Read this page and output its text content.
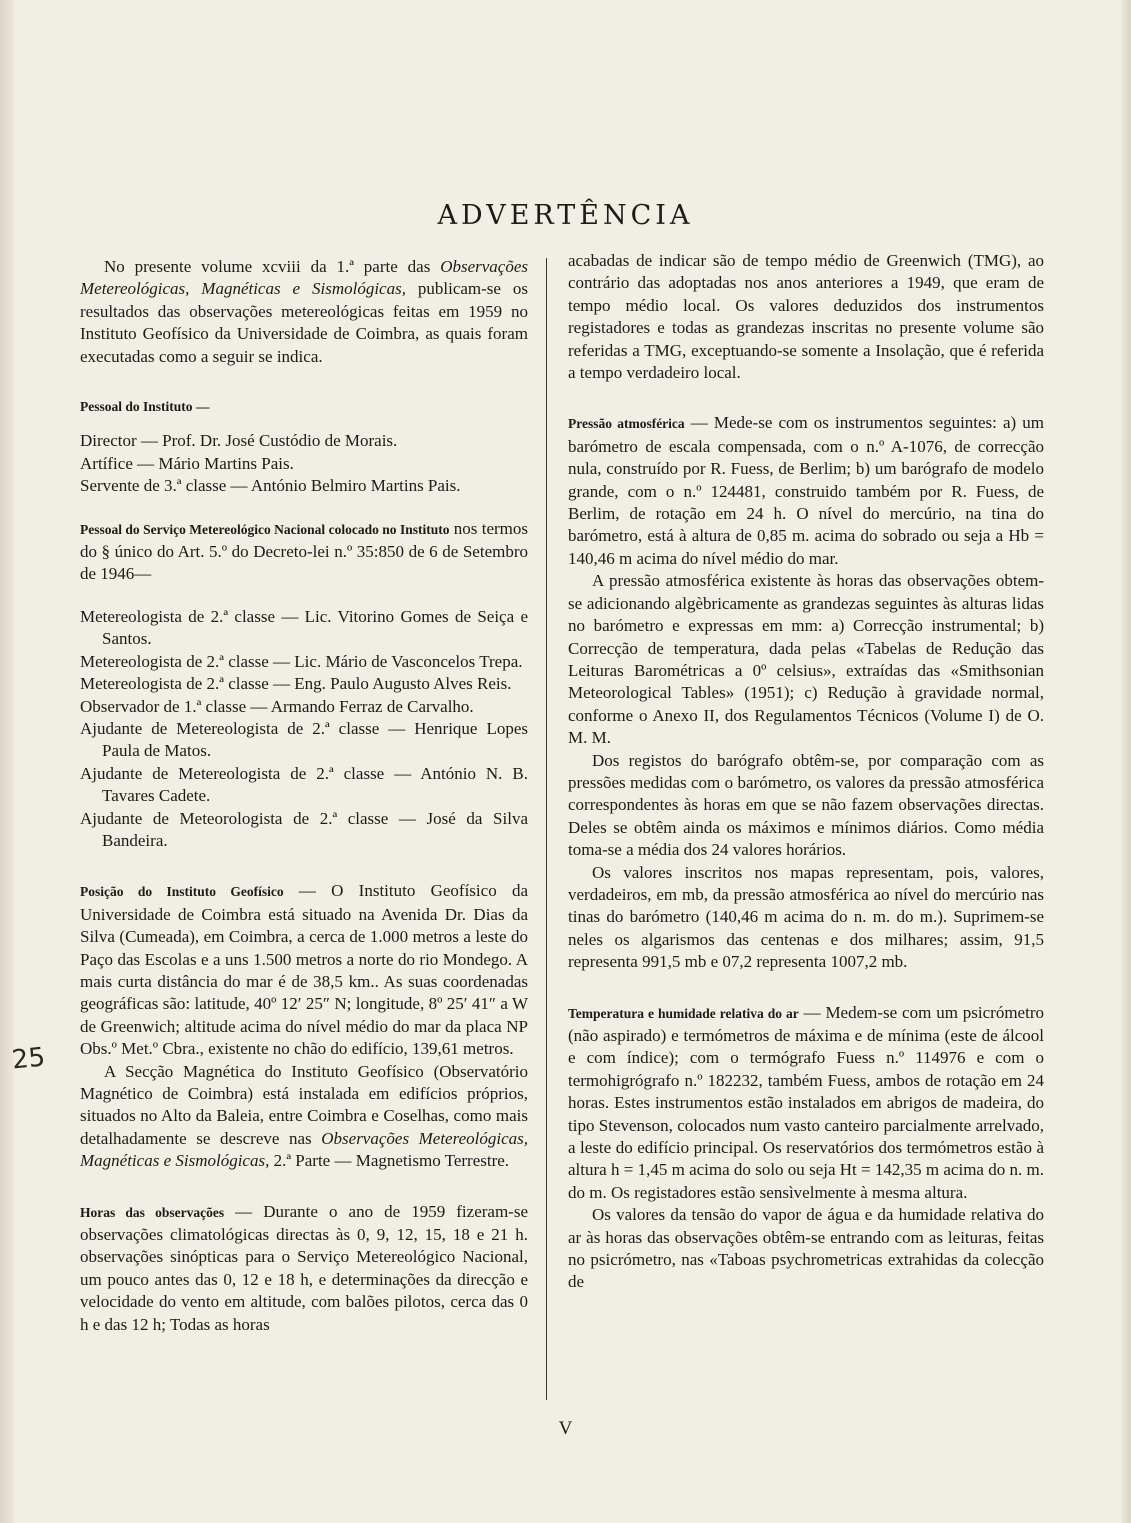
ADVERTÊNCIA
25

No presente volume xcviii da 1.ª parte das Observações Metereológicas, Magnéticas e Sismológicas, publicam-se os resultados das observações metereológicas feitas em 1959 no Instituto Geofísico da Universidade de Coimbra, as quais foram executadas como a seguir se indica.

Pessoal do Instituto —

Director — Prof. Dr. José Custódio de Morais.

Artífice — Mário Martins Pais.

Servente de 3.ª classe — António Belmiro Martins Pais.

Pessoal do Serviço Metereológico Nacional colocado no Instituto nos termos do § único do Art. 5.º do Decreto-lei n.º 35:850 de 6 de Setembro de 1946—

Metereologista de 2.ª classe — Lic. Vitorino Gomes de Seiça e Santos.

Metereologista de 2.ª classe — Lic. Mário de Vasconcelos Trepa.

Metereologista de 2.ª classe — Eng. Paulo Augusto Alves Reis.

Observador de 1.ª classe — Armando Ferraz de Carvalho.

Ajudante de Metereologista de 2.ª classe — Henrique Lopes Paula de Matos.

Ajudante de Metereologista de 2.ª classe — António N. B. Tavares Cadete.

Ajudante de Meteorologista de 2.ª classe — José da Silva Bandeira.

Posição do Instituto Geofísico — O Instituto Geofísico da Universidade de Coimbra está situado na Avenida Dr. Dias da Silva (Cumeada), em Coimbra, a cerca de 1.000 metros a leste do Paço das Escolas e a uns 1.500 metros a norte do rio Mondego. A mais curta distância do mar é de 38,5 km.. As suas coordenadas geográficas são: latitude, 40º 12′ 25″ N; longitude, 8º 25′ 41″ a W de Greenwich; altitude acima do nível médio do mar da placa NP Obs.º Met.º Cbra., existente no chão do edifício, 139,61 metros.

A Secção Magnética do Instituto Geofísico (Observatório Magnético de Coimbra) está instalada em edifícios próprios, situados no Alto da Baleia, entre Coimbra e Coselhas, como mais detalhadamente se descreve nas Observações Metereológicas, Magnéticas e Sismológicas, 2.ª Parte — Magnetismo Terrestre.

Horas das observações — Durante o ano de 1959 fizeram-se observações climatológicas directas às 0, 9, 12, 15, 18 e 21 h. observações sinópticas para o Serviço Metereológico Nacional, um pouco antes das 0, 12 e 18 h, e determinações da direcção e velocidade do vento em altitude, com balões pilotos, cerca das 0 h e das 12 h; Todas as horas

acabadas de indicar são de tempo médio de Greenwich (TMG), ao contrário das adoptadas nos anos anteriores a 1949, que eram de tempo médio local. Os valores deduzidos dos instrumentos registadores e todas as grandezas inscritas no presente volume são referidas a TMG, exceptuando-se somente a Insolação, que é referida a tempo verdadeiro local.

Pressão atmosférica — Mede-se com os instrumentos seguintes: a) um barómetro de escala compensada, com o n.º A-1076, de correcção nula, construído por R. Fuess, de Berlim; b) um barógrafo de modelo grande, com o n.º 124481, construido também por R. Fuess, de Berlim, de rotação em 24 h. O nível do mercúrio, na tina do barómetro, está à altura de 0,85 m. acima do sobrado ou seja a Hb = 140,46 m acima do nível médio do mar.

A pressão atmosférica existente às horas das observações obtem-se adicionando algèbricamente as grandezas seguintes às alturas lidas no barómetro e expressas em mm: a) Correcção instrumental; b) Correcção de temperatura, dada pelas «Tabelas de Redução das Leituras Barométricas a 0º celsius», extraídas das «Smithsonian Meteorological Tables» (1951); c) Redução à gravidade normal, conforme o Anexo II, dos Regulamentos Técnicos (Volume I) de O. M. M.

Dos registos do barógrafo obtêm-se, por comparação com as pressões medidas com o barómetro, os valores da pressão atmosférica correspondentes às horas em que se não fazem observações directas. Deles se obtêm ainda os máximos e mínimos diários. Como média toma-se a média dos 24 valores horários.

Os valores inscritos nos mapas representam, pois, valores, verdadeiros, em mb, da pressão atmosférica ao nível do mercúrio nas tinas do barómetro (140,46 m acima do n. m. do m.). Suprimem-se neles os algarismos das centenas e dos milhares; assim, 91,5 representa 991,5 mb e 07,2 representa 1007,2 mb.

Temperatura e humidade relativa do ar — Medem-se com um psicrómetro (não aspirado) e termómetros de máxima e de mínima (este de álcool e com índice); com o termógrafo Fuess n.º 114976 e com o termohigrógrafo n.º 182232, também Fuess, ambos de rotação em 24 horas. Estes instrumentos estão instalados em abrigos de madeira, do tipo Stevenson, colocados num vasto canteiro parcialmente arrelvado, a leste do edifício principal. Os reservatórios dos termómetros estão à altura h = 1,45 m acima do solo ou seja Ht = 142,35 m acima do n. m. do m. Os registadores estão sensìvelmente à mesma altura.

Os valores da tensão do vapor de água e da humidade relativa do ar às horas das observações obtêm-se entrando com as leituras, feitas no psicrómetro, nas «Taboas psychrometricas extrahidas da colecção de

V
